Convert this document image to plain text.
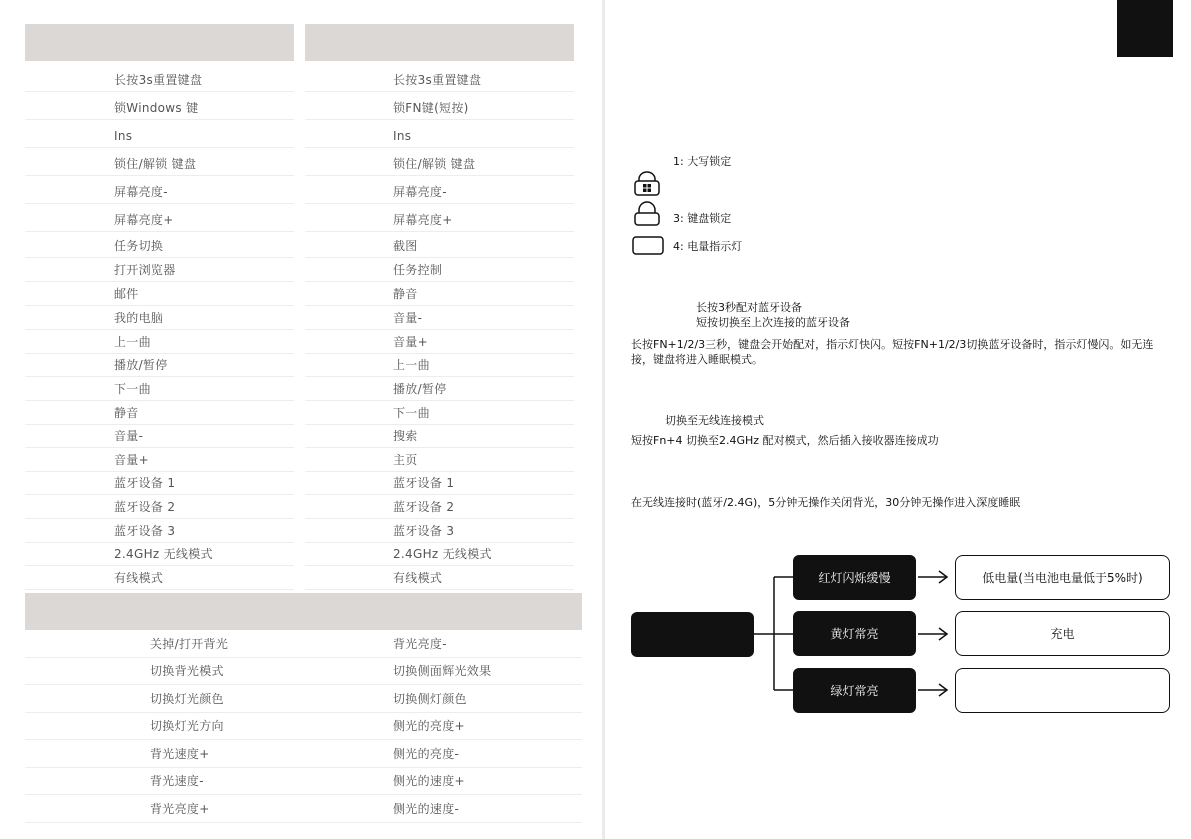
长按3s重置键盘	长按3s重置键盘
锁Windows 键	锁FN键(短按)
Ins	Ins
锁住/解锁 键盘	锁住/解锁 键盘
屏幕亮度-	屏幕亮度-
屏幕亮度+	屏幕亮度+
任务切换	截图
打开浏览器	任务控制
邮件	静音
我的电脑	音量-
上一曲	音量+
播放/暂停	上一曲
下一曲	播放/暂停
静音	下一曲
音量-	搜索
音量+	主页
蓝牙设备 1	蓝牙设备 1
蓝牙设备 2	蓝牙设备 2
蓝牙设备 3	蓝牙设备 3
2.4GHz 无线模式	2.4GHz 无线模式
有线模式	有线模式
关掉/打开背光	背光亮度-
切换背光模式	切换侧面辉光效果
切换灯光颜色	切换侧灯颜色
切换灯光方向	侧光的亮度+
背光速度+	侧光的亮度-
背光速度-	侧光的速度+
背光亮度+	侧光的速度-
1: 大写锁定
3: 键盘锁定
4: 电量指示灯
长按3秒配对蓝牙设备
短按切换至上次连接的蓝牙设备

长按FN+1/2/3三秒，键盘会开始配对，指示灯快闪。短按FN+1/2/3切换蓝牙设备时，指示灯慢闪。如无连接，键盘将进入睡眠模式。

切换至无线连接模式
短按Fn+4 切换至2.4GHz 配对模式，然后插入接收器连接成功
在无线连接时(蓝牙/2.4G)，5分钟无操作关闭背光，30分钟无操作进入深度睡眠
红灯闪烁缓慢
黄灯常亮
绿灯常亮
低电量(当电池电量低于5%时)
充电
